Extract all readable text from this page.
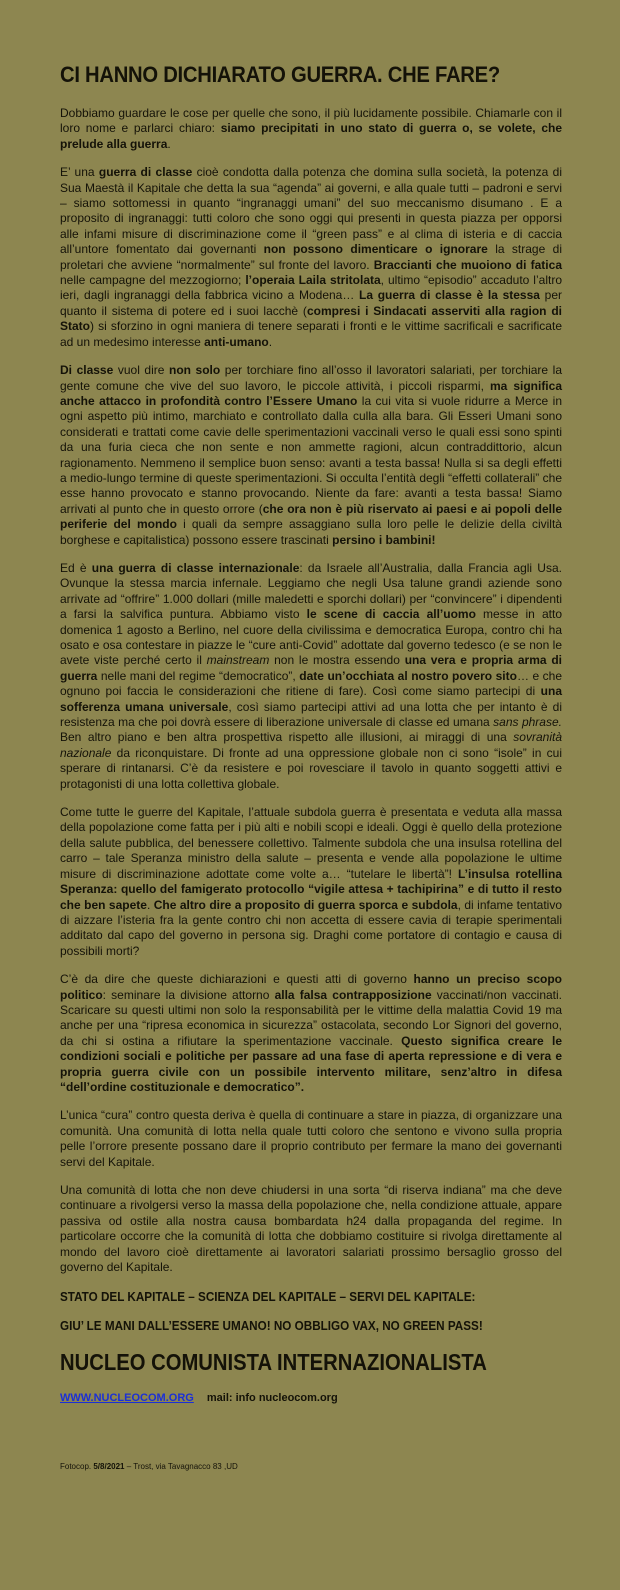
CI HANNO DICHIARATO GUERRA. CHE FARE?

Dobbiamo guardare le cose per quelle che sono, il più lucidamente possibile. Chiamarle con il loro nome e parlarci chiaro: siamo precipitati in uno stato di guerra o, se volete, che prelude alla guerra.

E’ una guerra di classe cioè condotta dalla potenza che domina sulla società, la potenza di Sua Maestà il Kapitale che detta la sua “agenda” ai governi, e alla quale tutti – padroni e servi – siamo sottomessi in quanto “ingranaggi umani” del suo meccanismo disumano . E a proposito di ingranaggi: tutti coloro che sono oggi qui presenti in questa piazza per opporsi alle infami misure di discriminazione come il “green pass” e al clima di isteria e di caccia all’untore fomentato dai governanti non possono dimenticare o ignorare la strage di proletari che avviene “normalmente” sul fronte del lavoro. Braccianti che muoiono di fatica nelle campagne del mezzogiorno; l’operaia Laila stritolata, ultimo “episodio” accaduto l’altro ieri, dagli ingranaggi della fabbrica vicino a Modena… La guerra di classe è la stessa per quanto il sistema di potere ed i suoi lacchè (compresi i Sindacati asserviti alla ragion di Stato) si sforzino in ogni maniera di tenere separati i fronti e le vittime sacrificali e sacrificate ad un medesimo interesse anti-umano.

Di classe vuol dire non solo per torchiare fino all’osso il lavoratori salariati, per torchiare la gente comune che vive del suo lavoro, le piccole attività, i piccoli risparmi, ma significa anche attacco in profondità contro l’Essere Umano la cui vita si vuole ridurre a Merce in ogni aspetto più intimo, marchiato e controllato dalla culla alla bara. Gli Esseri Umani sono considerati e trattati come cavie delle sperimentazioni vaccinali verso le quali essi sono spinti da una furia cieca che non sente e non ammette ragioni, alcun contraddittorio, alcun ragionamento. Nemmeno il semplice buon senso: avanti a testa bassa! Nulla si sa degli effetti a medio-lungo termine di queste sperimentazioni. Si occulta l’entità degli “effetti collaterali” che esse hanno provocato e stanno provocando. Niente da fare: avanti a testa bassa! Siamo arrivati al punto che in questo orrore (che ora non è più riservato ai paesi e ai popoli delle periferie del mondo i quali da sempre assaggiano sulla loro pelle le delizie della civiltà borghese e capitalistica) possono essere trascinati persino i bambini!

Ed è una guerra di classe internazionale: da Israele all’Australia, dalla Francia agli Usa. Ovunque la stessa marcia infernale. Leggiamo che negli Usa talune grandi aziende sono arrivate ad “offrire” 1.000 dollari (mille maledetti e sporchi dollari) per “convincere” i dipendenti a farsi la salvifica puntura. Abbiamo visto le scene di caccia all’uomo messe in atto domenica 1 agosto a Berlino, nel cuore della civilissima e democratica Europa, contro chi ha osato e osa contestare in piazze le “cure anti-Covid” adottate dal governo tedesco (e se non le avete viste perché certo il mainstream non le mostra essendo una vera e propria arma di guerra nelle mani del regime “democratico”, date un’occhiata al nostro povero sito… e che ognuno poi faccia le considerazioni che ritiene di fare). Così come siamo partecipi di una sofferenza umana universale, così siamo partecipi attivi ad una lotta che per intanto è di resistenza ma che poi dovrà essere di liberazione universale di classe ed umana sans phrase. Ben altro piano e ben altra prospettiva rispetto alle illusioni, ai miraggi di una sovranità nazionale da riconquistare. Di fronte ad una oppressione globale non ci sono “isole” in cui sperare di rintanarsi. C’è da resistere e poi rovesciare il tavolo in quanto soggetti attivi e protagonisti di una lotta collettiva globale.

Come tutte le guerre del Kapitale, l’attuale subdola guerra è presentata e veduta alla massa della popolazione come fatta per i più alti e nobili scopi e ideali. Oggi è quello della protezione della salute pubblica, del benessere collettivo. Talmente subdola che una insulsa rotellina del carro – tale Speranza ministro della salute – presenta e vende alla popolazione le ultime misure di discriminazione adottate come volte a… “tutelare le libertà”! L’insulsa rotellina Speranza: quello del famigerato protocollo “vigile attesa + tachipirina” e di tutto il resto che ben sapete. Che altro dire a proposito di guerra sporca e subdola, di infame tentativo di aizzare l’isteria fra la gente contro chi non accetta di essere cavia di terapie sperimentali additato dal capo del governo in persona sig. Draghi come portatore di contagio e causa di possibili morti?

C’è da dire che queste dichiarazioni e questi atti di governo hanno un preciso scopo politico: seminare la divisione attorno alla falsa contrapposizione vaccinati/non vaccinati. Scaricare su questi ultimi non solo la responsabilità per le vittime della malattia Covid 19 ma anche per una “ripresa economica in sicurezza” ostacolata, secondo Lor Signori del governo, da chi si ostina a rifiutare la sperimentazione vaccinale. Questo significa creare le condizioni sociali e politiche per passare ad una fase di aperta repressione e di vera e propria guerra civile con un possibile intervento militare, senz’altro in difesa “dell’ordine costituzionale e democratico”.

L’unica “cura” contro questa deriva è quella di continuare a stare in piazza, di organizzare una comunità. Una comunità di lotta nella quale tutti coloro che sentono e vivono sulla propria pelle l’orrore presente possano dare il proprio contributo per fermare la mano dei governanti servi del Kapitale.

Una comunità di lotta che non deve chiudersi in una sorta “di riserva indiana” ma che deve continuare a rivolgersi verso la massa della popolazione che, nella condizione attuale, appare passiva od ostile alla nostra causa bombardata h24 dalla propaganda del regime. In particolare occorre che la comunità di lotta che dobbiamo costituire si rivolga direttamente al mondo del lavoro cioè direttamente ai lavoratori salariati prossimo bersaglio grosso del governo del Kapitale.

STATO DEL KAPITALE – SCIENZA DEL KAPITALE – SERVI DEL KAPITALE:
GIU’ LE MANI DALL’ESSERE UMANO! NO OBBLIGO VAX, NO GREEN PASS!
NUCLEO COMUNISTA INTERNAZIONALISTA
WWW.NUCLEOCOM.ORG mail: info nucleocom.org
Fotocop. 5/8/2021 – Trost, via Tavagnacco 83 ,UD
